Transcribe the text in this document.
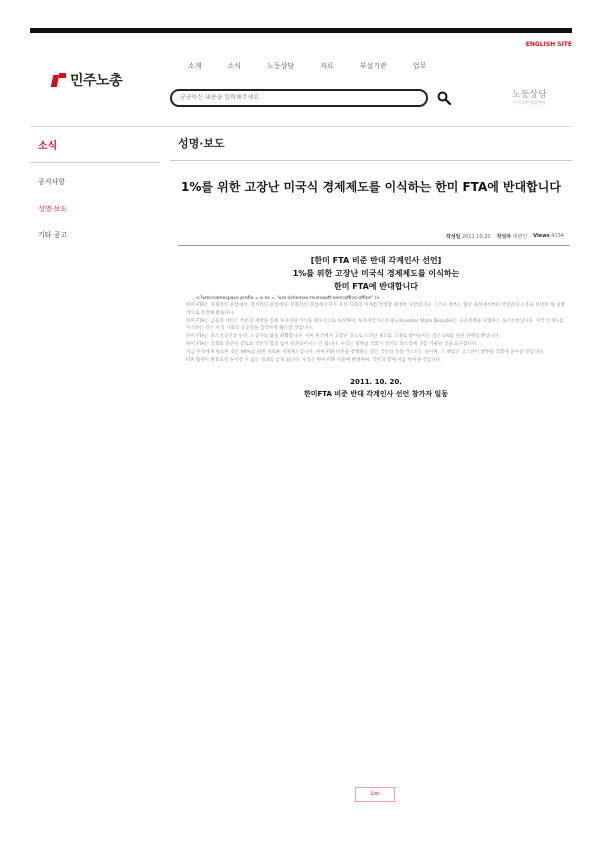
ENGLISH SITE
민주노총
소개	소식	노동상담	자료	부설기관	업무
궁금하신 내용을 입력해주세요
노동상담
민주노총 상담센터
소식
공지사항
성명·보도
기타 공고
성명·보도
1%를 위한 고장난 미국식 경제제도를 이식하는 한미 FTA에 반대합니다
작성일 2011.10.20 작성자 대변인 Views 4134
[한미 FTA 비준 반대 각계인사 선언]
1%를 위한 고장난 미국식 경제제도를 이식하는
한미 FTA에 반대합니다
<?xml:namespace prefix = o ns = "urn:schemas-microsoft-com:office:office" />
한미 FTA는 경제적인 관점에서, 정치적인 관점에서, 문화적인 관점에서 모두 우리 사회의 미래를 결정할 중대한 사안입니다. 그러나 정부는 협상 과정에서부터 국민과의 소통을 외면한 채 일방적으로 추진해 왔습니다.
한미 FTA는 금융과 서비스 부문의 개방을 통해 투자자의 이익을 최우선으로 보장하며, 투자자국가소송제도(Investor State Dispute)는 공공정책을 위협하는 독소조항입니다. 미국식 제도를 이식하는 것은 우리 사회의 공공성을 심각하게 훼손할 것입니다.
한미 FTA는 중소상공인과 농민, 노동자의 삶을 위협합니다. 이미 미국에서 고장난 것으로 드러난 제도를 그대로 받아들이는 것은 1%를 위한 선택일 뿐입니다.
한미 FTA는 국회의 충분한 검토와 국민적 합의 없이 비준되어서는 안 됩니다. 우리는 정부와 국회가 국민의 목소리에 귀를 기울일 것을 요구합니다.
지금 우리에게 필요한 것은 99%를 위한 새로운 경제제도입니다. 한미 FTA 비준을 강행하는 것은 국민의 뜻을 거스르는 일이며, 그 책임은 고스란히 정부와 국회에 돌아갈 것입니다.
FTA 협정이 발효되면 돌이킬 수 없는 결과를 낳게 됩니다. 우리는 한미 FTA 비준에 반대하며, 국민과 함께 이를 막아낼 것입니다.
2011. 10. 20.
한미FTA 비준 반대 각계인사 선언 참가자 일동
List
